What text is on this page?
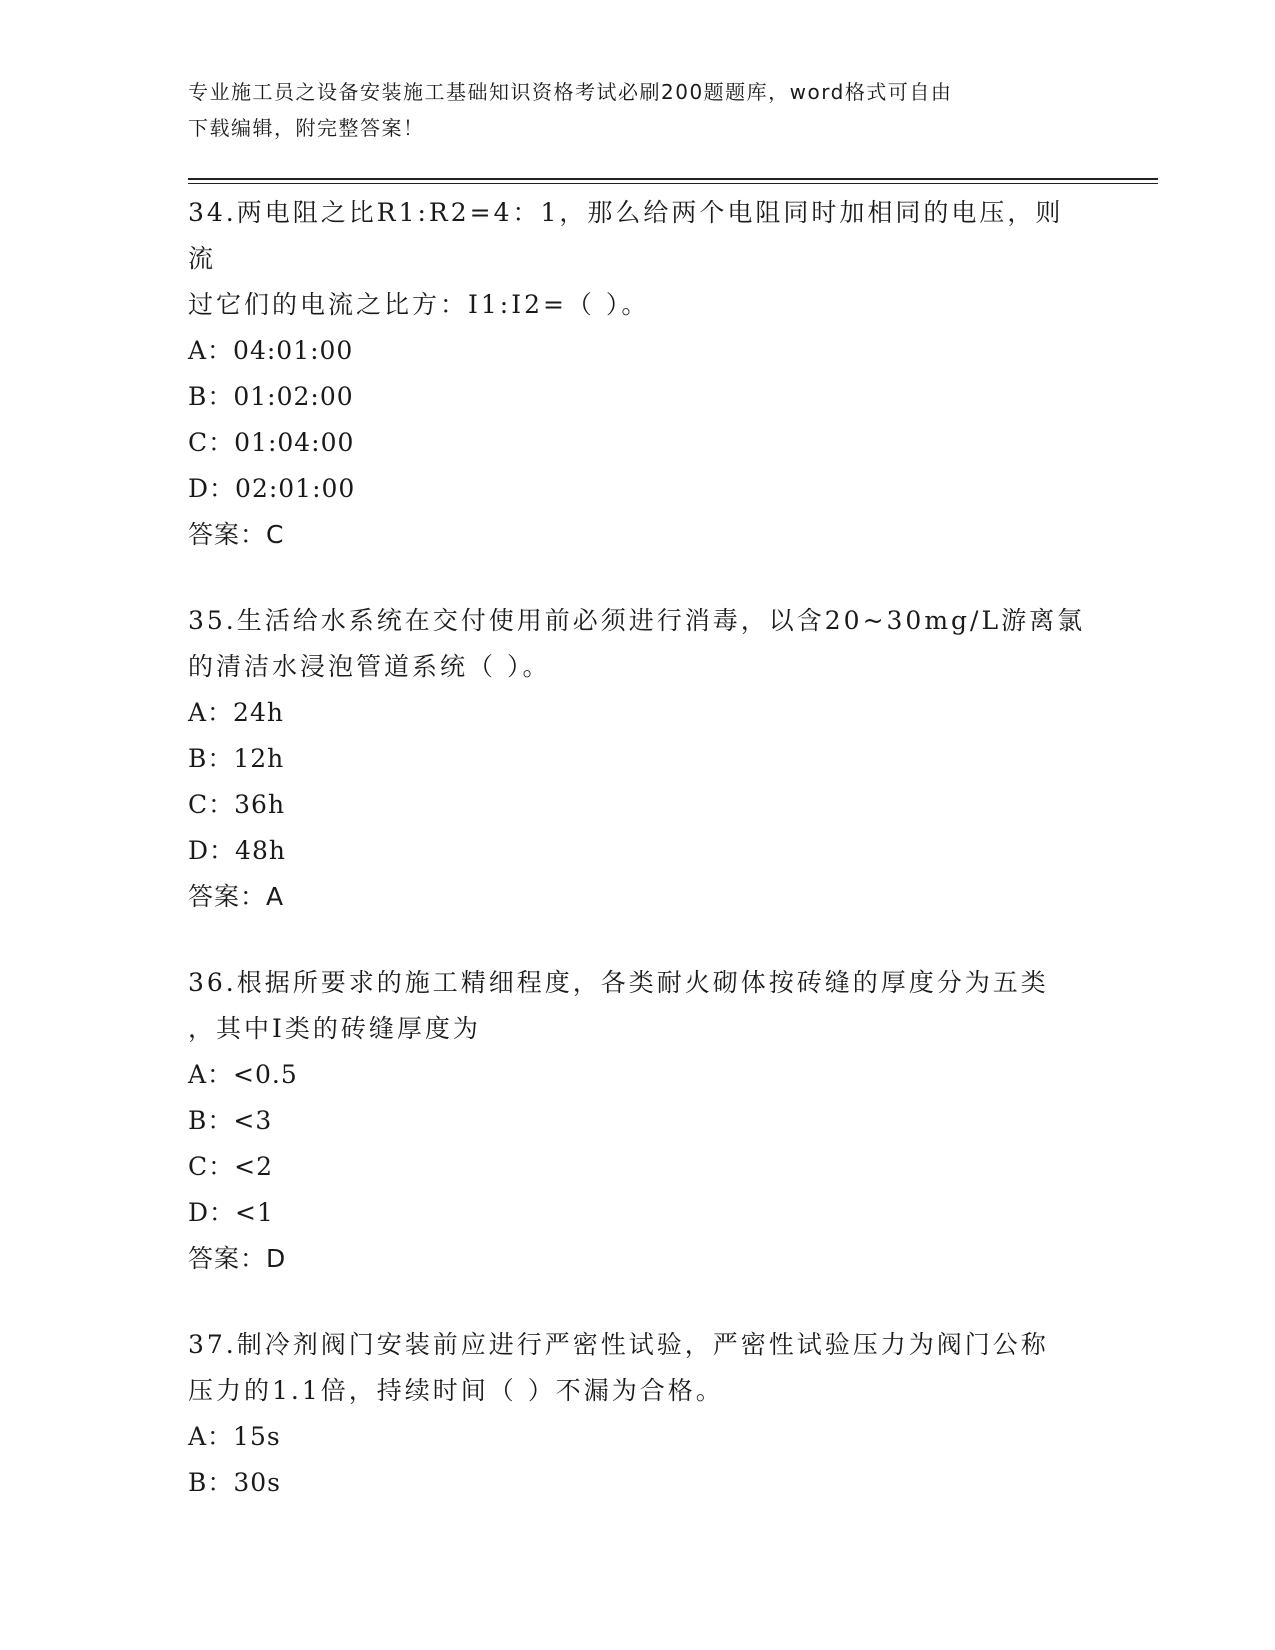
专业施工员之设备安装施工基础知识资格考试必刷200题题库，word格式可自由
下载编辑，附完整答案！

34.两电阻之比R1:R2=4：1，那么给两个电阻同时加相同的电压，则流

过它们的电流之比方：I1:I2=（ ）。

A：04:01:00

B：01:02:00

C：01:04:00

D：02:01:00

答案：C

35.生活给水系统在交付使用前必须进行消毒，以含20~30mg/L游离氯

的清洁水浸泡管道系统（ ）。

A：24h

B：12h

C：36h

D：48h

答案：A

36.根据所要求的施工精细程度，各类耐火砌体按砖缝的厚度分为五类

，其中I类的砖缝厚度为

A：<0.5

B：<3

C：<2

D：<1

答案：D

37.制冷剂阀门安装前应进行严密性试验，严密性试验压力为阀门公称

压力的1.1倍，持续时间（ ）不漏为合格。

A：15s

B：30s
